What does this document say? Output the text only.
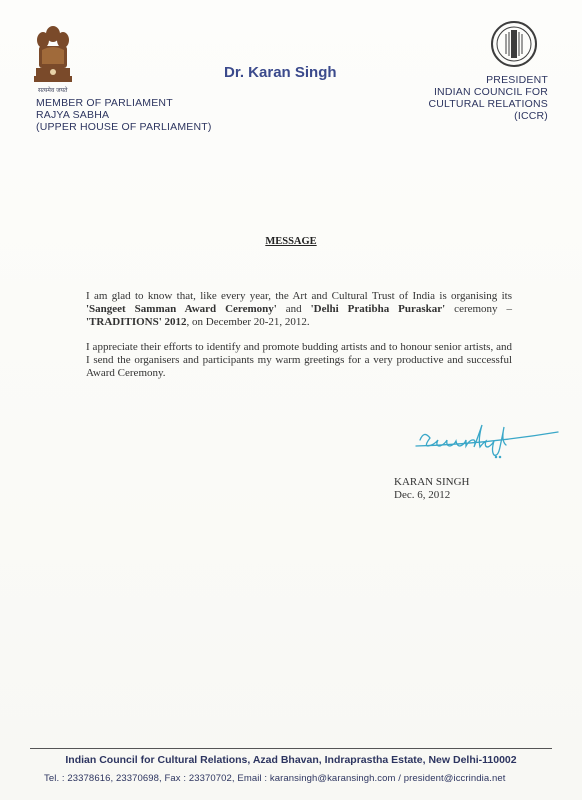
सत्यमेव जयते
MEMBER OF PARLIAMENT
RAJYA SABHA
(UPPER HOUSE OF PARLIAMENT)
Dr. Karan Singh	PRESIDENT
INDIAN COUNCIL FOR
CULTURAL RELATIONS
(ICCR)
MESSAGE
I am glad to know that, like every year, the Art and Cultural Trust of India is organising its 'Sangeet Samman Award Ceremony' and 'Delhi Pratibha Puraskar' ceremony – 'TRADITIONS' 2012, on December 20-21, 2012.
I appreciate their efforts to identify and promote budding artists and to honour senior artists, and I send the organisers and participants my warm greetings for a very productive and successful Award Ceremony.
KARAN SINGH
Dec. 6, 2012
Indian Council for Cultural Relations, Azad Bhavan, Indraprastha Estate, New Delhi-110002
Tel. : 23378616, 23370698, Fax : 23370702, Email : karansingh@karansingh.com / president@iccrindia.net
